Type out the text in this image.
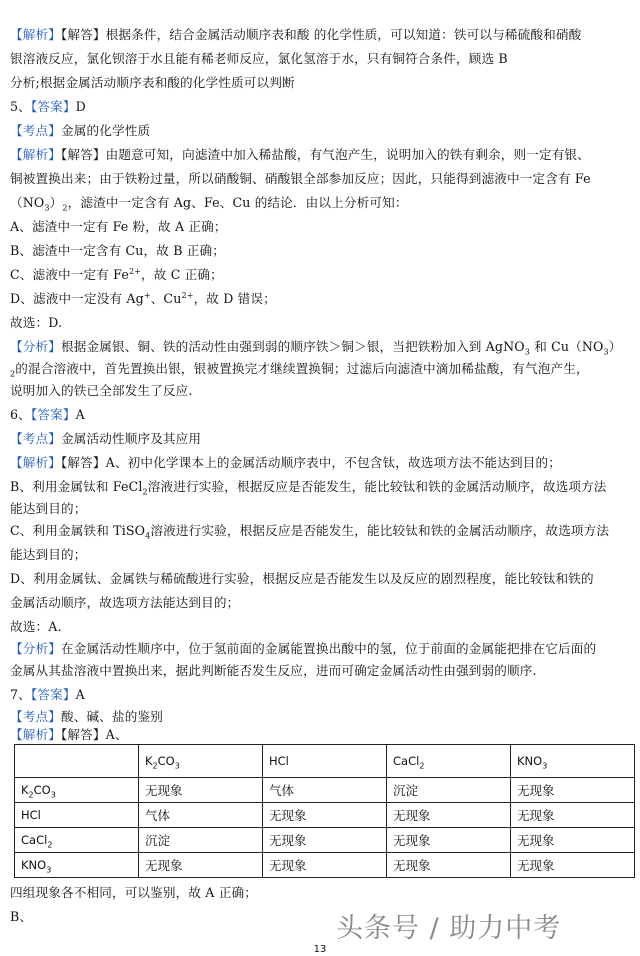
【解析】【解答】根据条件，结合金属活动顺序表和酸 的化学性质，可以知道：铁可以与稀硫酸和硝酸
银溶液反应，氯化钡溶于水且能有稀老师反应，氯化氢溶于水，只有铜符合条件，顾选 B
分析;根据金属活动顺序表和酸的化学性质可以判断
5、【答案】D
【考点】金属的化学性质
【解析】【解答】由题意可知，向滤渣中加入稀盐酸，有气泡产生，说明加入的铁有剩余，则一定有银、
铜被置换出来；由于铁粉过量，所以硝酸铜、硝酸银全部参加反应；因此，只能得到滤液中一定含有 Fe
$(NO_3)_2$，滤渣中一定含有 Ag、Fe、Cu 的结论．由以上分析可知：
A、滤渣中一定有 Fe 粉，故 A 正确；
B、滤渣中一定含有 Cu，故 B 正确；
C、滤液中一定有 $Fe^{2+}$，故 C 正确；
D、滤液中一定没有 Ag+、$Cu^{2+}$，故 D 错误；
故选：D.
【分析】根据金属银、铜、铁的活动性由强到弱的顺序铁＞铜＞银，当把铁粉加入到 AgNO$_3$ 和 $Cu(NO_3)$
$_2$的混合溶液中，首先置换出银，银被置换完才继续置换铜；过滤后向滤渣中滴加稀盐酸，有气泡产生，
说明加入的铁已全部发生了反应.
6、【答案】A
【考点】金属活动性顺序及其应用
【解析】【解答】A、初中化学课本上的金属活动顺序表中，不包含钛，故选项方法不能达到目的；
B、利用金属钛和 FeCl$_2$溶液进行实验，根据反应是否能发生，能比较钛和铁的金属活动顺序，故选项方法
能达到目的；
C、利用金属铁和 TiSO$_4$溶液进行实验，根据反应是否能发生，能比较钛和铁的金属活动顺序，故选项方法
能达到目的；
D、利用金属钛、金属铁与稀硫酸进行实验，根据反应是否能发生以及反应的剧烈程度，能比较钛和铁的
金属活动顺序，故选项方法能达到目的；
故选：A.
【分析】在金属活动性顺序中，位于氢前面的金属能置换出酸中的氢，位于前面的金属能把排在它后面的
金属从其盐溶液中置换出来，据此判断能否发生反应，进而可确定金属活动性由强到弱的顺序.
7、【答案】A
【考点】酸、碱、盐的鉴别
【解析】【解答】A、
	$K_2CO_3$	HCl	CaCl$_2$	$KNO_3$
$K_2CO_3$	无现象	气体	沉淀	无现象
HCl	气体	无现象	无现象	无现象
CaCl$_2$	沉淀	无现象	无现象	无现象
$KNO_3$	无现象	无现象	无现象	无现象
四组现象各不相同，可以鉴别，故 A 正确；
B、	头条号 / 助力中考
13
